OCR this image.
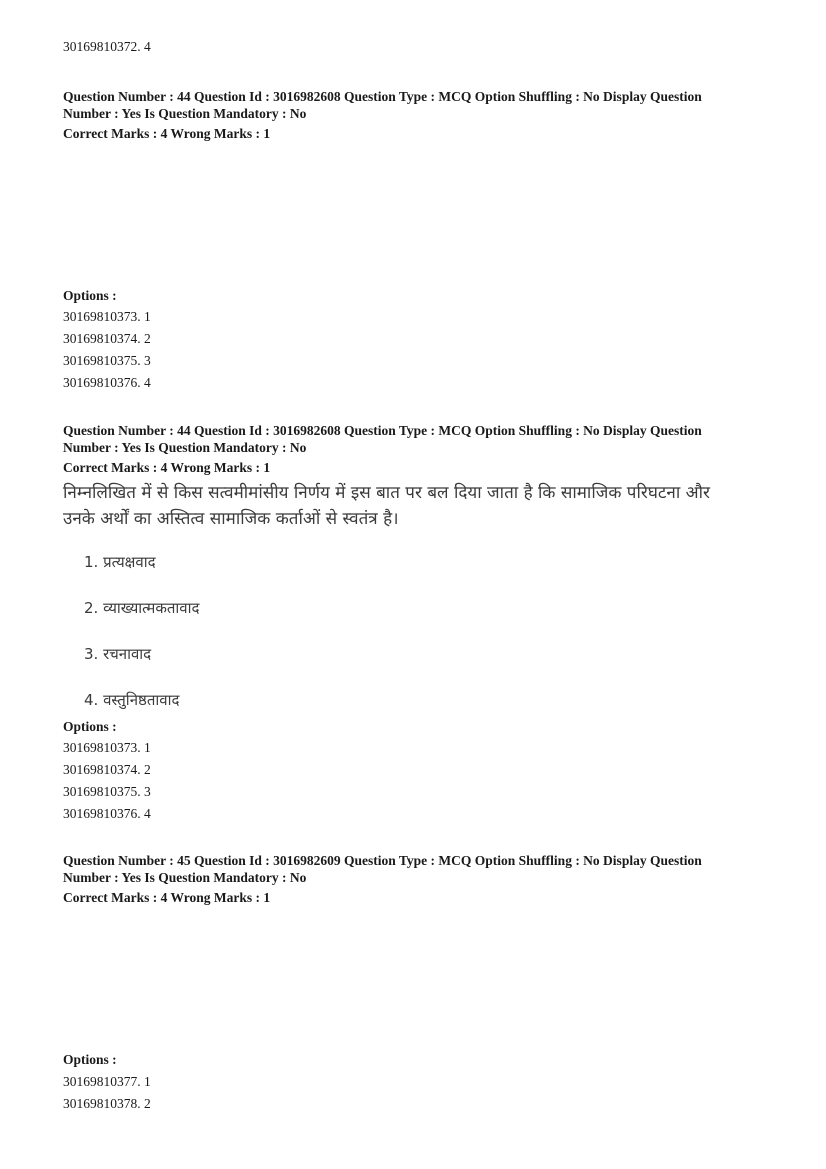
30169810372. 4
Question Number : 44 Question Id : 3016982608 Question Type : MCQ Option Shuffling : No Display Question
Number : Yes Is Question Mandatory : No
Correct Marks : 4 Wrong Marks : 1
Options :
30169810373. 1
30169810374. 2
30169810375. 3
30169810376. 4
Question Number : 44 Question Id : 3016982608 Question Type : MCQ Option Shuffling : No Display Question
Number : Yes Is Question Mandatory : No
Correct Marks : 4 Wrong Marks : 1
निम्नलिखित में से किस सत्वमीमांसीय निर्णय में इस बात पर बल दिया जाता है कि सामाजिक परिघटना और
उनके अर्थों का अस्तित्व सामाजिक कर्ताओं से स्वतंत्र है।
1. प्रत्यक्षवाद
2. व्याख्यात्मकतावाद
3. रचनावाद
4. वस्तुनिष्ठतावाद
Options :
30169810373. 1
30169810374. 2
30169810375. 3
30169810376. 4
Question Number : 45 Question Id : 3016982609 Question Type : MCQ Option Shuffling : No Display Question
Number : Yes Is Question Mandatory : No
Correct Marks : 4 Wrong Marks : 1
Options :
30169810377. 1
30169810378. 2
